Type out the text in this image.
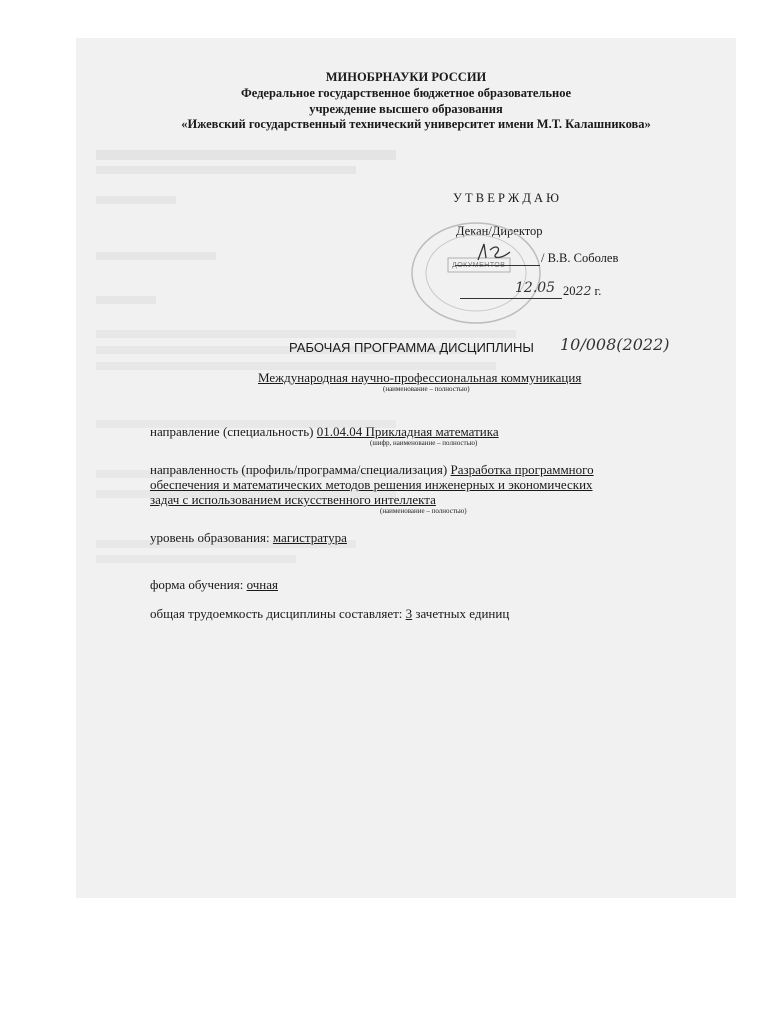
МИНОБРНАУКИ РОССИИ
Федеральное государственное бюджетное образовательное
учреждение высшего образования
«Ижевский государственный технический университет имени М.Т. Калашникова»
У Т В Е Р Ж Д А Ю
Декан/Директор
ДОКУМЕНТОВ
/ В.В. Соболев
12.05 2022 г.
РАБОЧАЯ ПРОГРАММА ДИСЦИПЛИНЫ 10/008(2022)
Международная научно-профессиональная коммуникация
(наименование – полностью)
направление (специальность) 01.04.04 Прикладная математика
(шифр, наименование – полностью)
направленность (профиль/программа/специализация) Разработка программного
обеспечения и математических методов решения инженерных и экономических
задач с использованием искусственного интеллекта
(наименование – полностью)
уровень образования: магистратура
форма обучения: очная
общая трудоемкость дисциплины составляет: 3 зачетных единиц
